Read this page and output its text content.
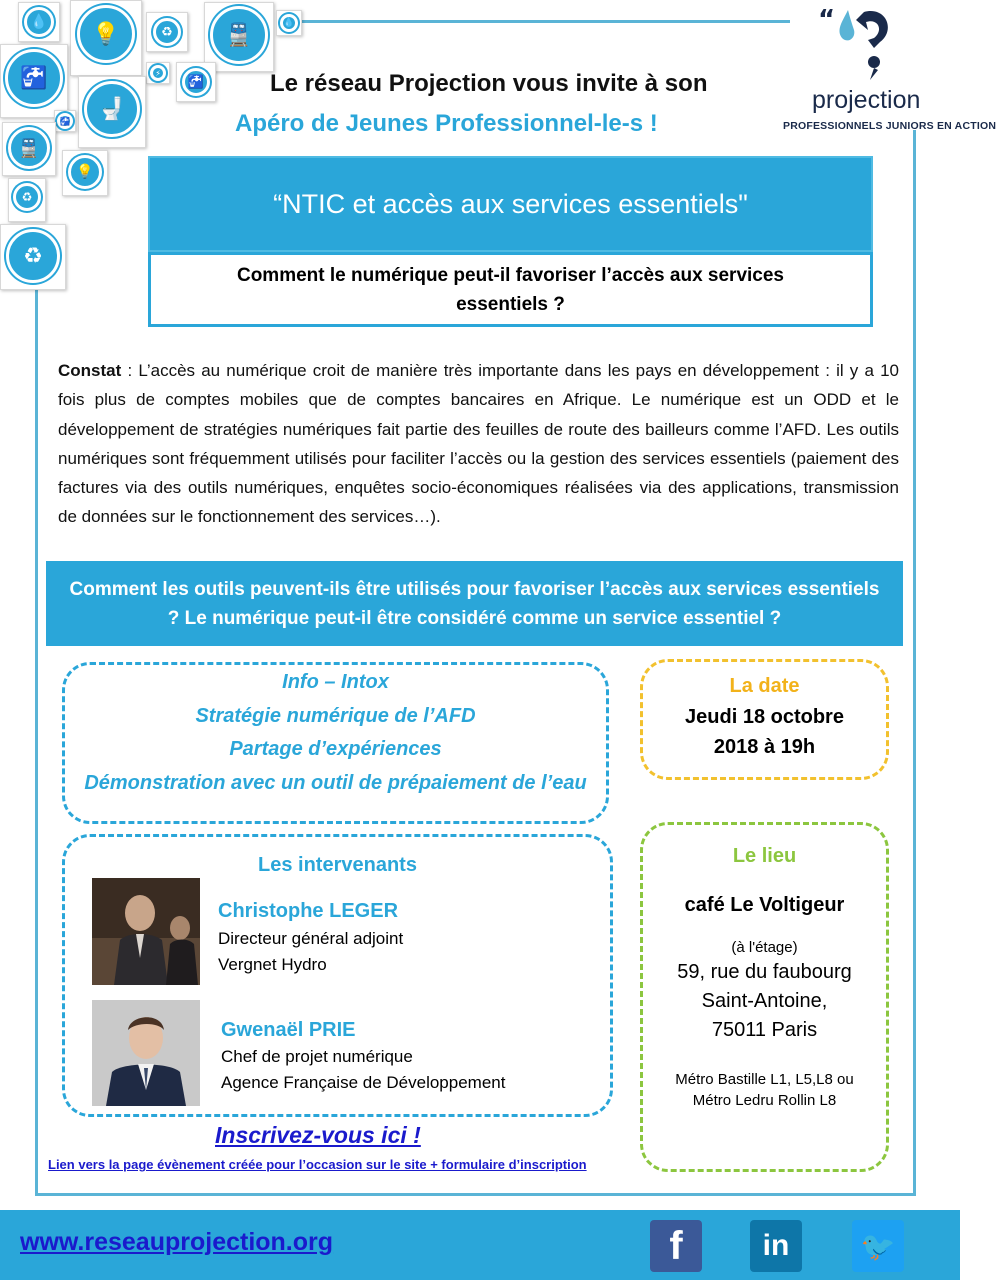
💧	💡	♻	🚆	💧
🚰	⚡
🚰
🚽
🚰
🚆
💡
♻
♻
“
projection
PROFESSIONNELS JUNIORS EN ACTION
Le réseau Projection vous invite à son
Apéro de Jeunes Professionnel-le-s !
“NTIC et accès aux services essentiels"
Comment le numérique peut-il favoriser l’accès aux services essentiels ?

Constat : L’accès au numérique croit de manière très importante dans les pays en développement : il y a 10 fois plus de comptes mobiles que de comptes bancaires en Afrique. Le numérique est un ODD et le développement de stratégies numériques fait partie des feuilles de route des bailleurs comme l’AFD. Les outils numériques sont fréquemment utilisés pour faciliter l’accès ou la gestion des services essentiels (paiement des factures via des outils numériques, enquêtes socio-économiques réalisées via des applications, transmission de données sur le fonctionnement des services…).

Comment les outils peuvent-ils être utilisés pour favoriser l’accès aux services essentiels ? Le numérique peut-il être considéré comme un service essentiel ?
Info – Intox
Stratégie numérique de l’AFD
Partage d’expériences
Démonstration avec un outil de prépaiement de l’eau
La date
Jeudi 18 octobre
2018 à 19h
Les intervenants
Christophe LEGER
Directeur général adjoint
Vergnet Hydro
Gwenaël PRIE
Chef de projet numérique
Agence Française de Développement
Le lieu
café Le Voltigeur
(à l'étage)
59, rue du faubourg
Saint-Antoine,
75011 Paris
Métro Bastille L1, L5,L8 ou
Métro Ledru Rollin L8
Inscrivez-vous ici !
Lien vers la page évènement créée pour l’occasion sur le site + formulaire d’inscription
www.reseauprojection.org	f	in	🐦
